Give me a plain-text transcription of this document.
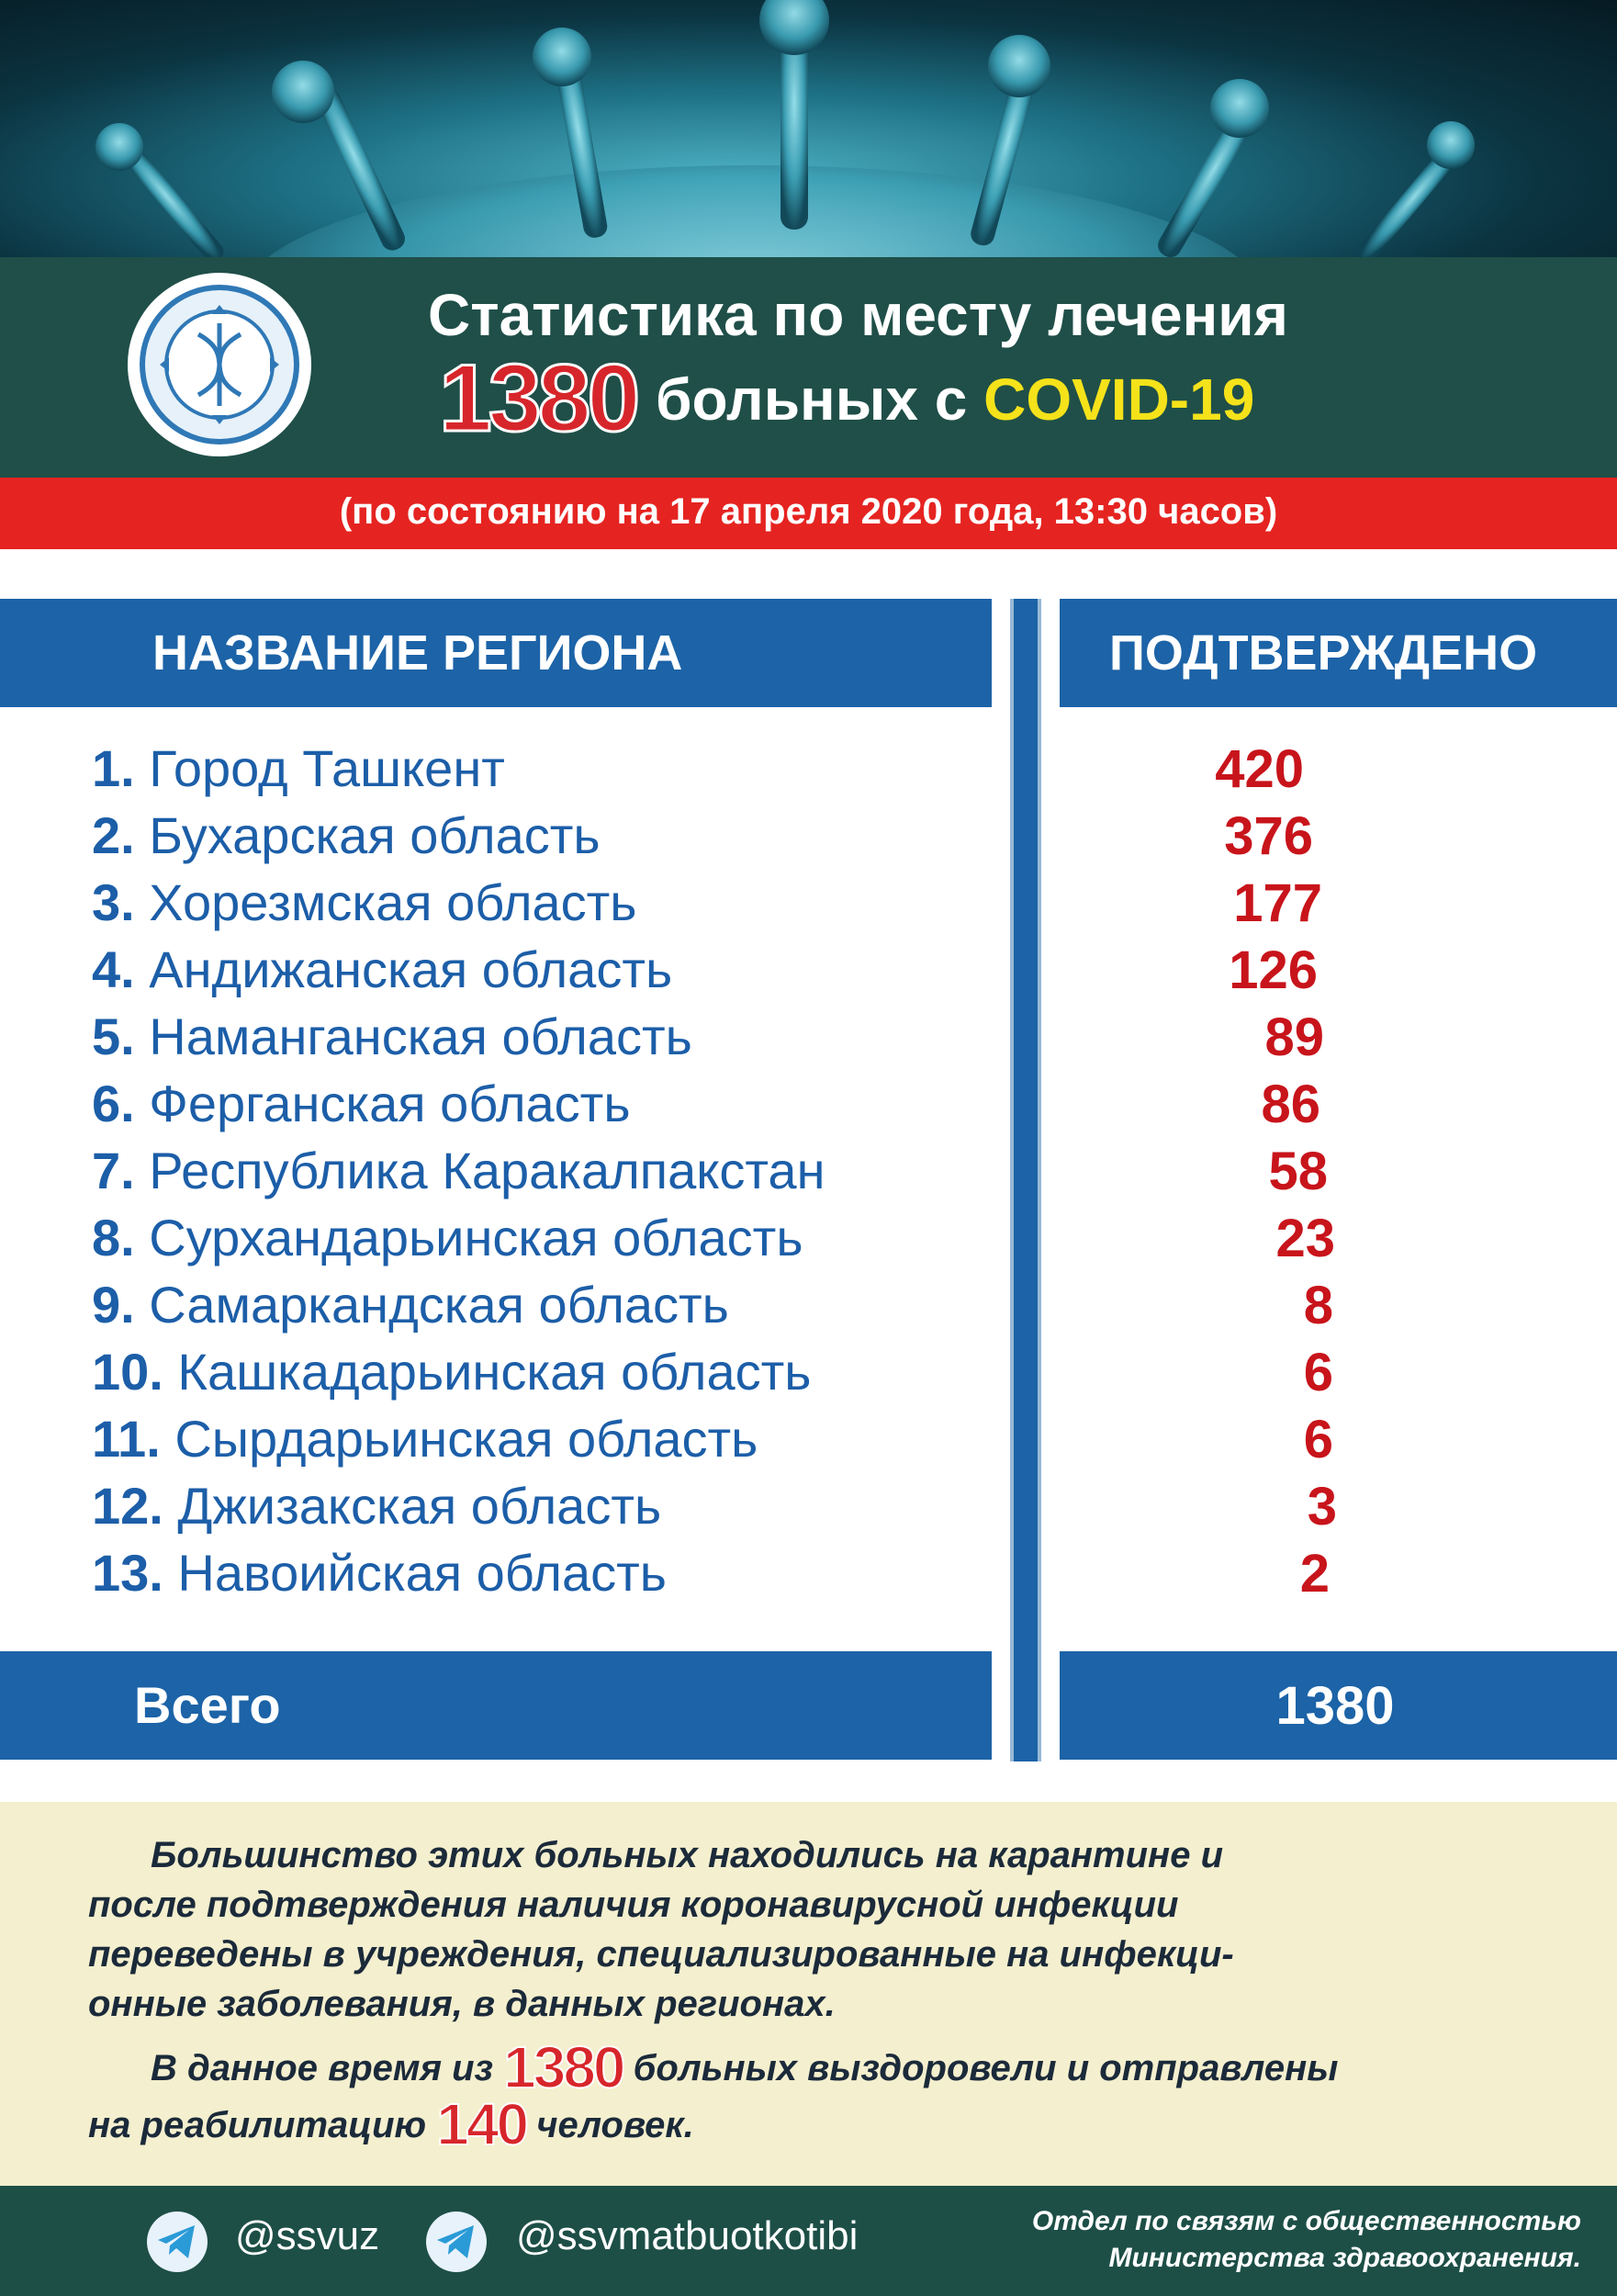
Статистика по месту лечения
1380 больных с COVID-19
(по состоянию на 17 апреля 2020 года, 13:30 часов)
НАЗВАНИЕ РЕГИОНА	ПОДТВЕРЖДЕНО
1. Город Ташкент	420
2. Бухарская область	376
3. Хорезмская область	177
4. Андижанская область	126
5. Наманганская область	89
6. Ферганская область	86
7. Республика Каракалпакстан	58
8. Сурхандарьинская область	23
9. Самаркандская область	8
10. Кашкадарьинская область	6
11. Сырдарьинская область	6
12. Джизакская область	3
13. Навоийская область	2
Всего	1380
Большинство этих больных находились на карантине и
после подтверждения наличия коронавирусной инфекции
переведены в учреждения, специализированные на инфекци-
онные заболевания, в данных регионах.
В данное время из 1380 больных выздоровели и отправлены
на реабилитацию 140 человек.
@ssvuz	@ssvmatbuotkotibi	Отдел по связям с общественностью
Министерства здравоохранения.
